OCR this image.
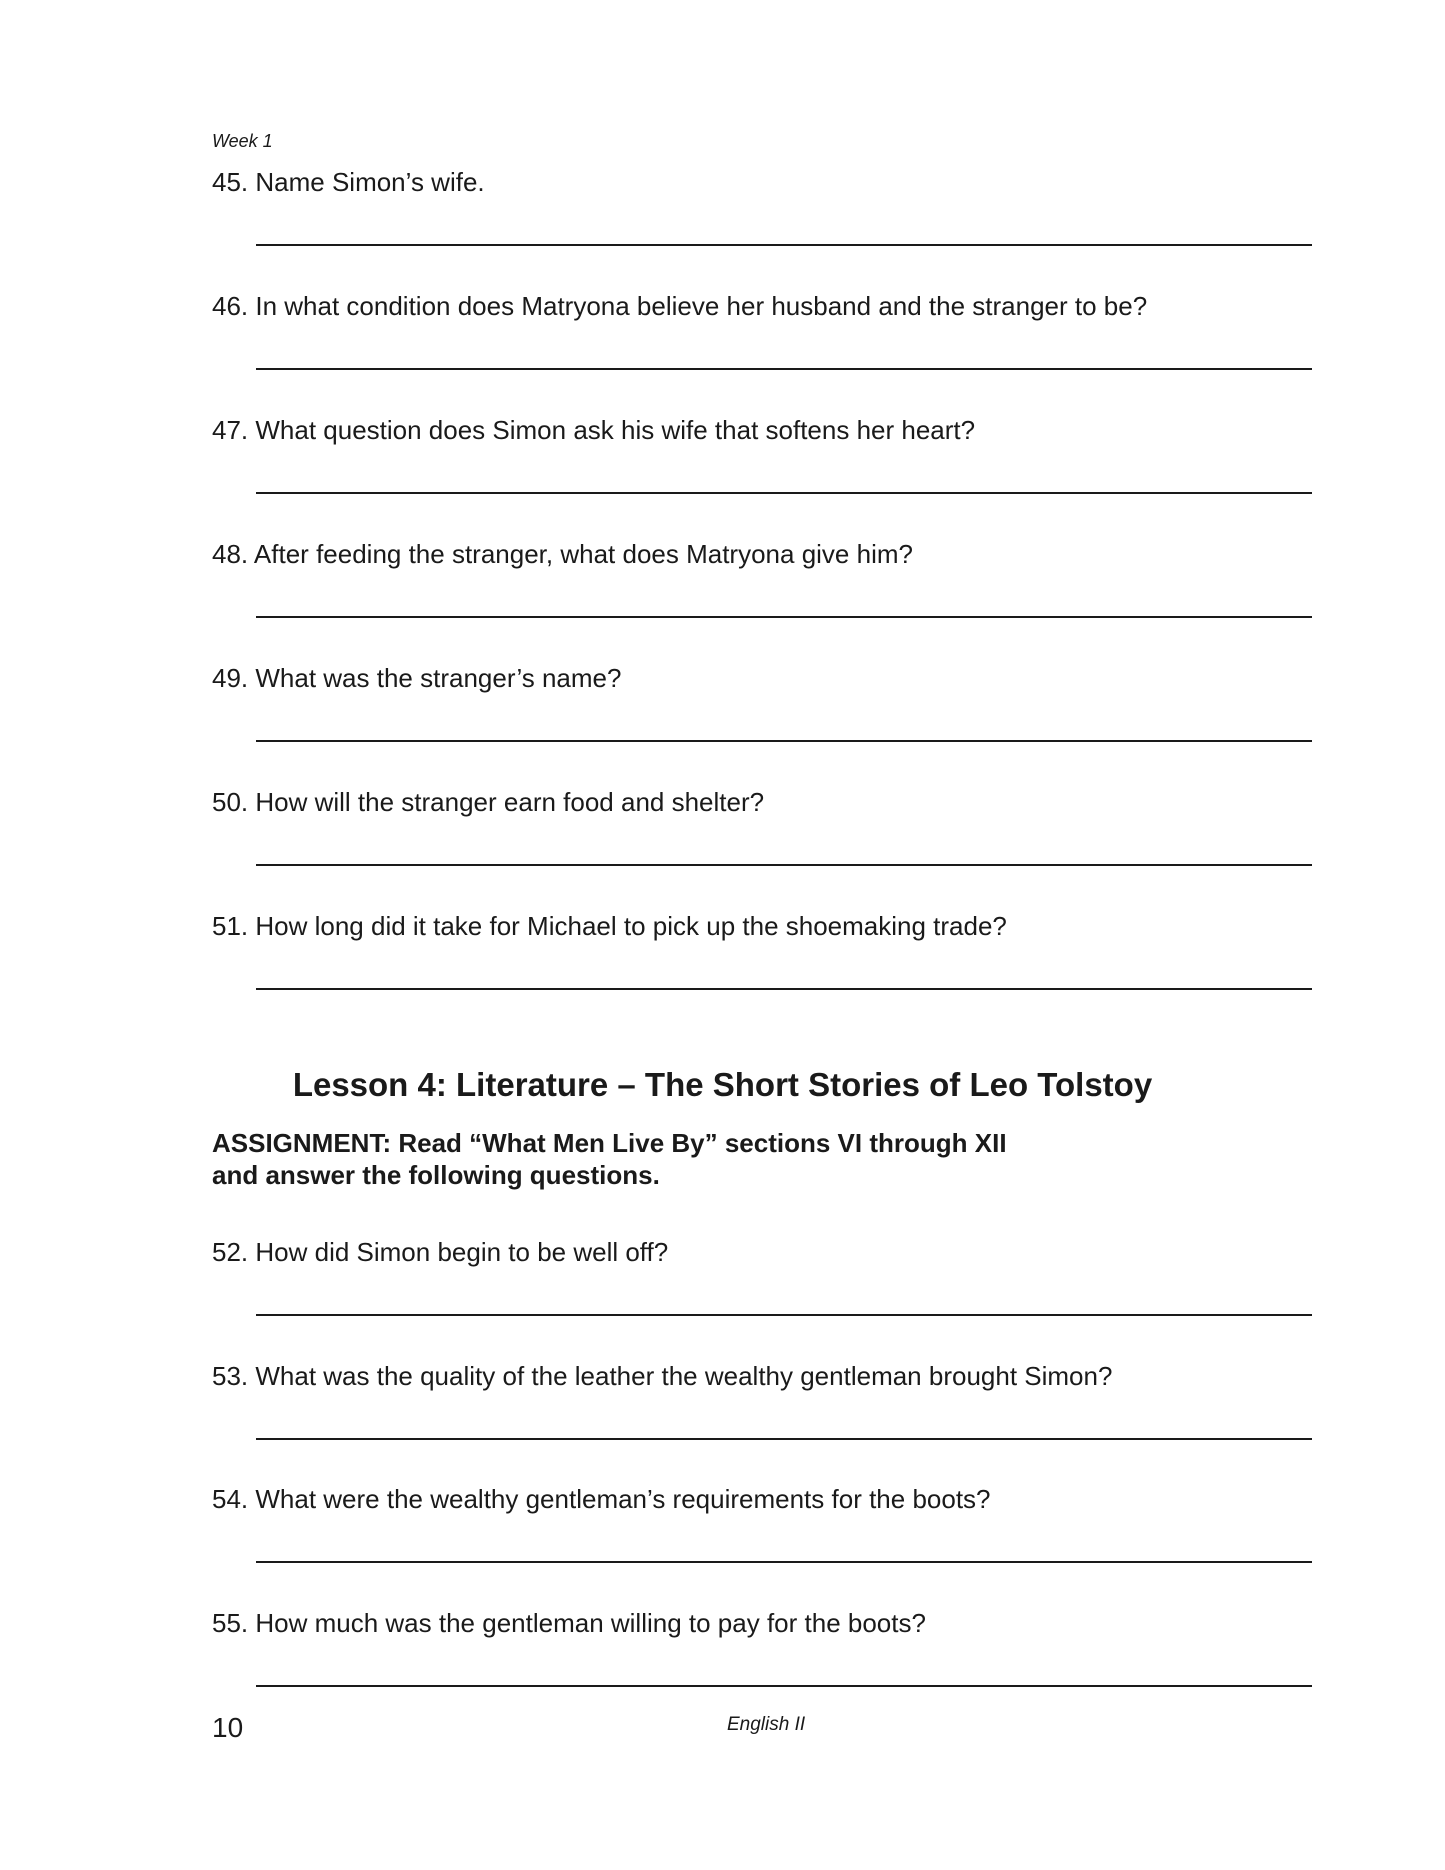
Week 1
45. Name Simon’s wife.
46. In what condition does Matryona believe her husband and the stranger to be?
47. What question does Simon ask his wife that softens her heart?
48. After feeding the stranger, what does Matryona give him?
49. What was the stranger’s name?
50. How will the stranger earn food and shelter?
51. How long did it take for Michael to pick up the shoemaking trade?
Lesson 4: Literature – The Short Stories of Leo Tolstoy
ASSIGNMENT: Read “What Men Live By” sections VI through XII
and answer the following questions.
52. How did Simon begin to be well off?
53. What was the quality of the leather the wealthy gentleman brought Simon?
54. What were the wealthy gentleman’s requirements for the boots?
55. How much was the gentleman willing to pay for the boots?
10	English II
